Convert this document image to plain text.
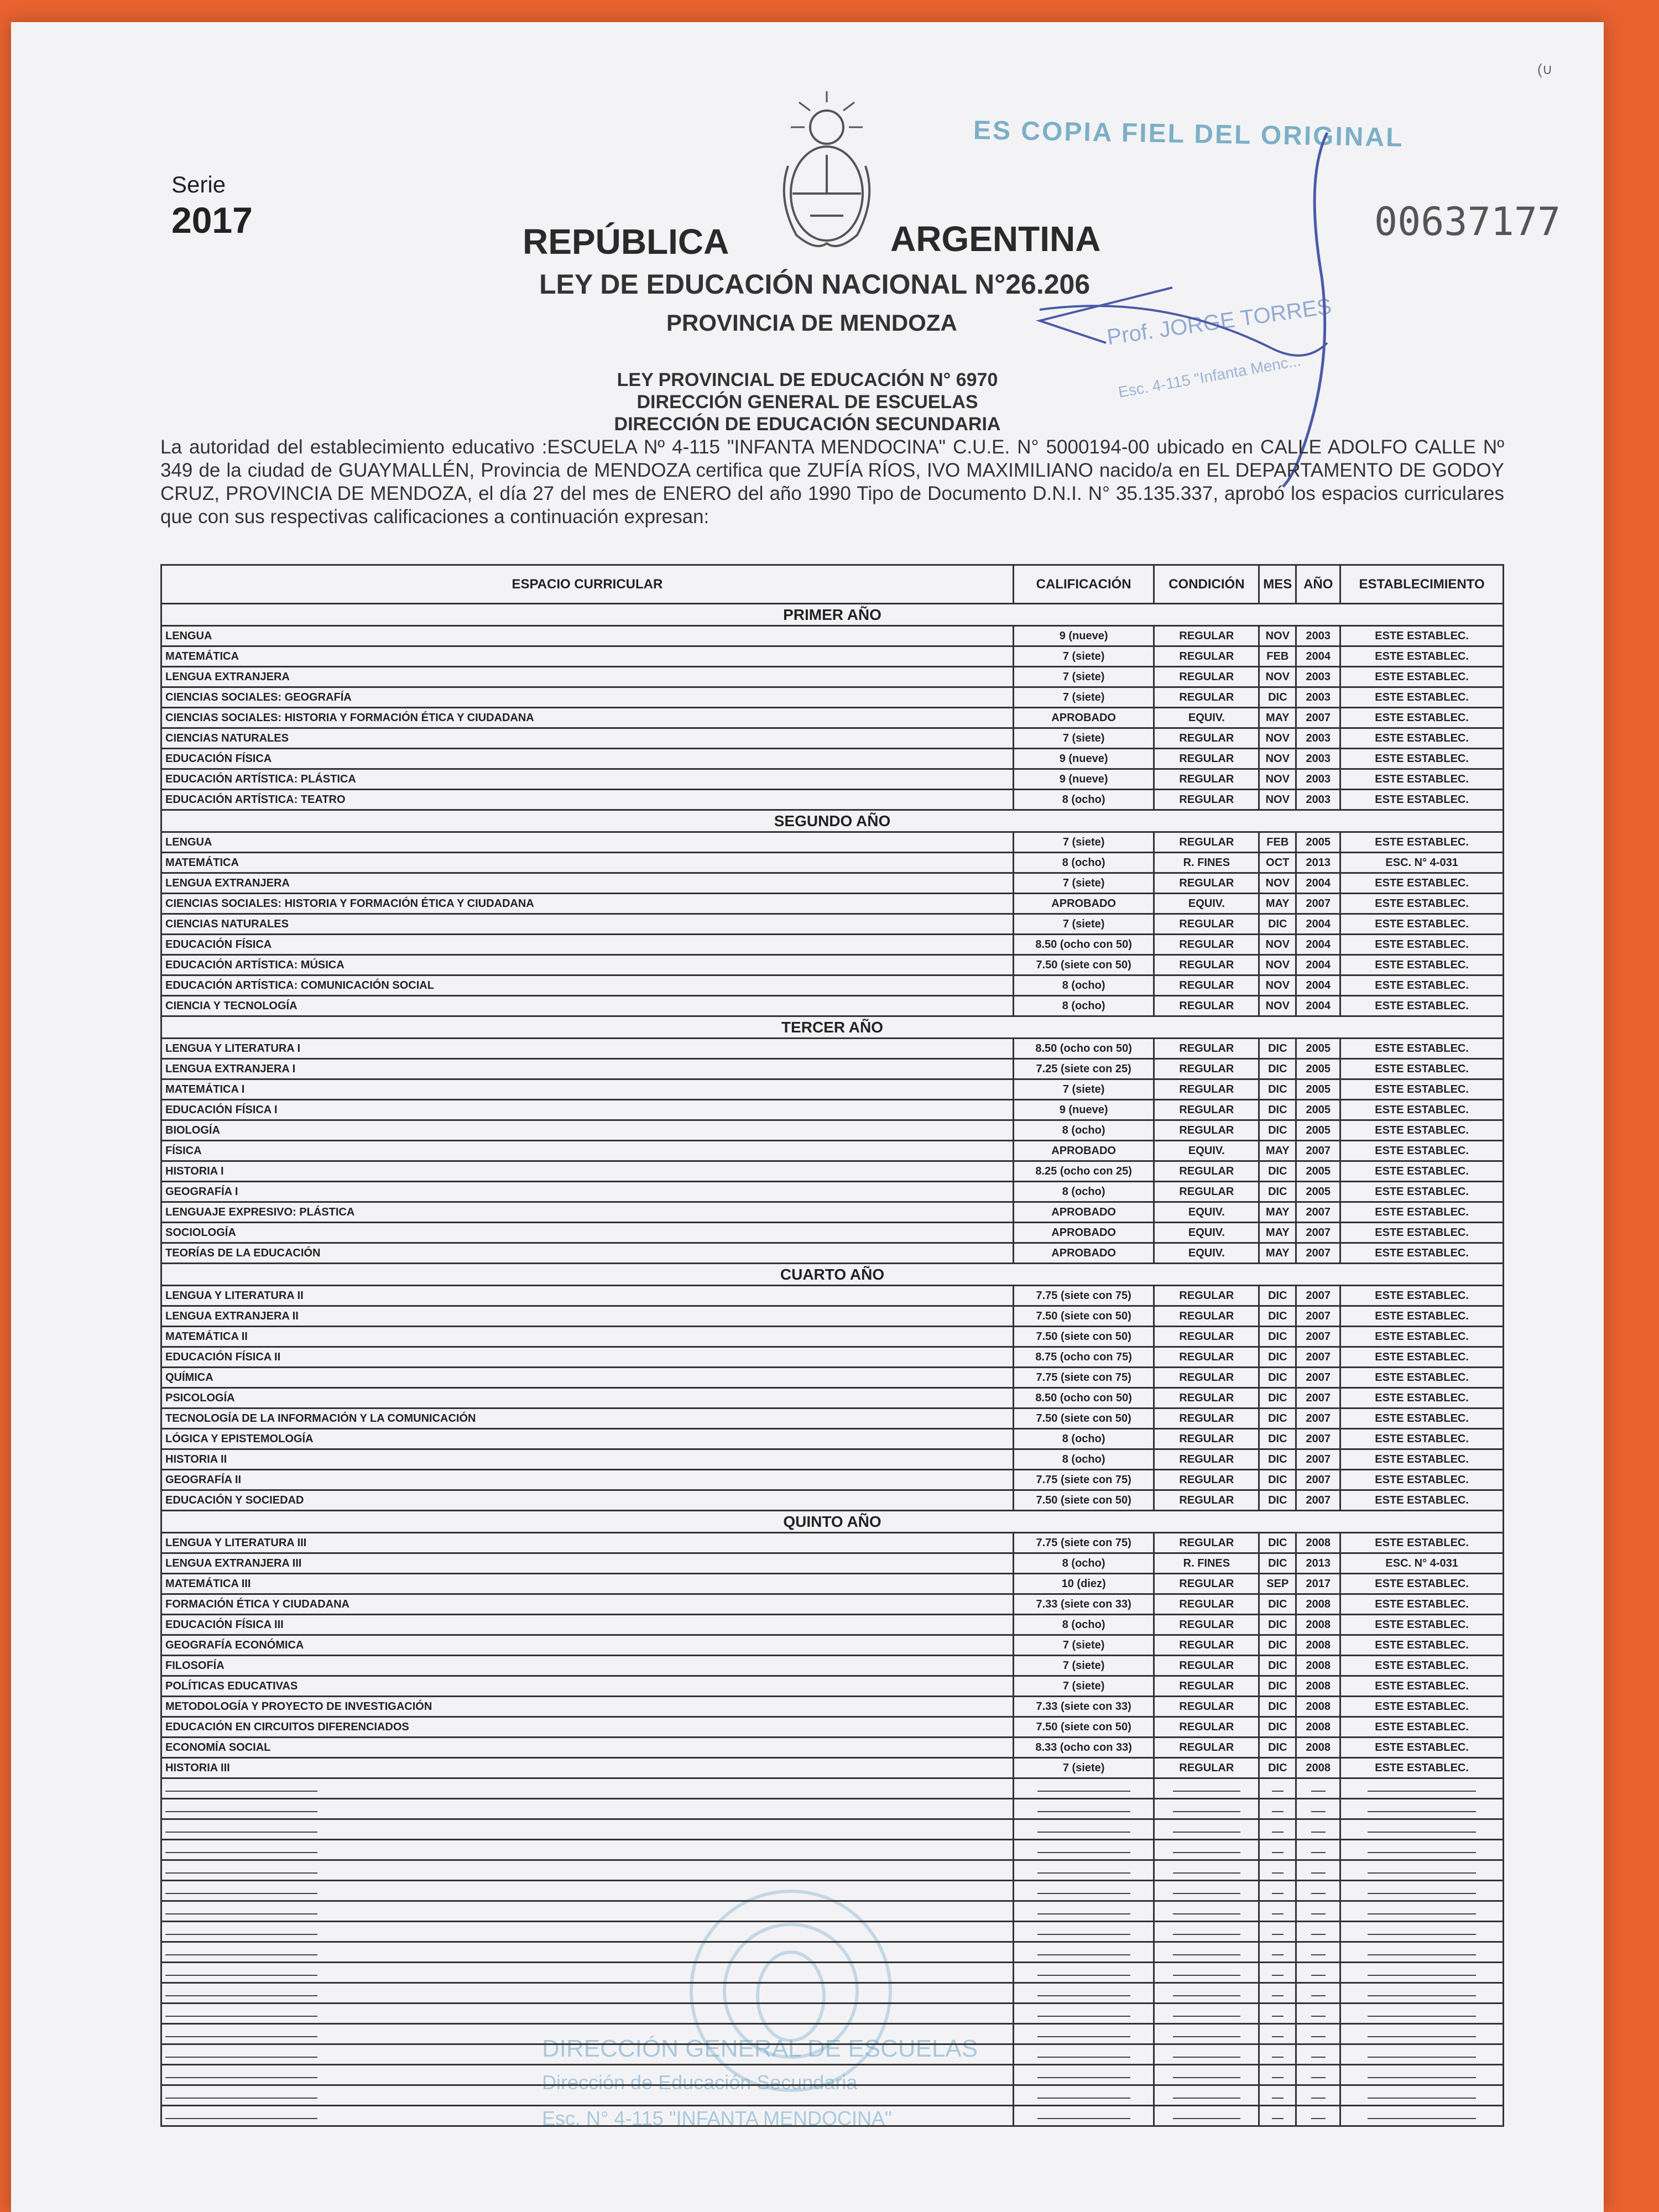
(∪
Serie
2017
REPÚBLICA	ARGENTINA
LEY DE EDUCACIÓN NACIONAL N°26.206
PROVINCIA DE MENDOZA
00637177
ES COPIA FIEL DEL ORIGINAL
Prof. JORGE TORRES
Esc. 4-115 "Infanta Menc...
LEY PROVINCIAL DE EDUCACIÓN N° 6970
DIRECCIÓN GENERAL DE ESCUELAS
DIRECCIÓN DE EDUCACIÓN SECUNDARIA
La autoridad del establecimiento educativo :ESCUELA Nº 4-115 "INFANTA MENDOCINA" C.U.E. N° 5000194-00 ubicado en CALLE ADOLFO CALLE Nº 349 de la ciudad de GUAYMALLÉN, Provincia de MENDOZA certifica que ZUFÍA RÍOS, IVO MAXIMILIANO nacido/a en EL DEPARTAMENTO DE GODOY CRUZ, PROVINCIA DE MENDOZA, el día 27 del mes de ENERO del año 1990 Tipo de Documento D.N.I. N° 35.135.337, aprobó los espacios curriculares que con sus respectivas calificaciones a continuación expresan:
DIRECCIÓN GENERAL DE ESCUELAS
Dirección de Educación Secundaria
Esc. N° 4-115 "INFANTA MENDOCINA"
ESPACIO CURRICULAR	CALIFICACIÓN	CONDICIÓN	MES	AÑO	ESTABLECIMIENTO
PRIMER AÑO					
LENGUA	9 (nueve)	REGULAR	NOV	2003	ESTE ESTABLEC.
MATEMÁTICA	7 (siete)	REGULAR	FEB	2004	ESTE ESTABLEC.
LENGUA EXTRANJERA	7 (siete)	REGULAR	NOV	2003	ESTE ESTABLEC.
CIENCIAS SOCIALES: GEOGRAFÍA	7 (siete)	REGULAR	DIC	2003	ESTE ESTABLEC.
CIENCIAS SOCIALES: HISTORIA Y FORMACIÓN ÉTICA Y CIUDADANA	APROBADO	EQUIV.	MAY	2007	ESTE ESTABLEC.
CIENCIAS NATURALES	7 (siete)	REGULAR	NOV	2003	ESTE ESTABLEC.
EDUCACIÓN FÍSICA	9 (nueve)	REGULAR	NOV	2003	ESTE ESTABLEC.
EDUCACIÓN ARTÍSTICA: PLÁSTICA	9 (nueve)	REGULAR	NOV	2003	ESTE ESTABLEC.
EDUCACIÓN ARTÍSTICA: TEATRO	8 (ocho)	REGULAR	NOV	2003	ESTE ESTABLEC.
SEGUNDO AÑO					
LENGUA	7 (siete)	REGULAR	FEB	2005	ESTE ESTABLEC.
MATEMÁTICA	8 (ocho)	R. FINES	OCT	2013	ESC. N° 4-031
LENGUA EXTRANJERA	7 (siete)	REGULAR	NOV	2004	ESTE ESTABLEC.
CIENCIAS SOCIALES: HISTORIA Y FORMACIÓN ÉTICA Y CIUDADANA	APROBADO	EQUIV.	MAY	2007	ESTE ESTABLEC.
CIENCIAS NATURALES	7 (siete)	REGULAR	DIC	2004	ESTE ESTABLEC.
EDUCACIÓN FÍSICA	8.50 (ocho con 50)	REGULAR	NOV	2004	ESTE ESTABLEC.
EDUCACIÓN ARTÍSTICA: MÚSICA	7.50 (siete con 50)	REGULAR	NOV	2004	ESTE ESTABLEC.
EDUCACIÓN ARTÍSTICA: COMUNICACIÓN SOCIAL	8 (ocho)	REGULAR	NOV	2004	ESTE ESTABLEC.
CIENCIA Y TECNOLOGÍA	8 (ocho)	REGULAR	NOV	2004	ESTE ESTABLEC.
TERCER AÑO					
LENGUA Y LITERATURA I	8.50 (ocho con 50)	REGULAR	DIC	2005	ESTE ESTABLEC.
LENGUA EXTRANJERA I	7.25 (siete con 25)	REGULAR	DIC	2005	ESTE ESTABLEC.
MATEMÁTICA I	7 (siete)	REGULAR	DIC	2005	ESTE ESTABLEC.
EDUCACIÓN FÍSICA I	9 (nueve)	REGULAR	DIC	2005	ESTE ESTABLEC.
BIOLOGÍA	8 (ocho)	REGULAR	DIC	2005	ESTE ESTABLEC.
FÍSICA	APROBADO	EQUIV.	MAY	2007	ESTE ESTABLEC.
HISTORIA I	8.25 (ocho con 25)	REGULAR	DIC	2005	ESTE ESTABLEC.
GEOGRAFÍA I	8 (ocho)	REGULAR	DIC	2005	ESTE ESTABLEC.
LENGUAJE EXPRESIVO: PLÁSTICA	APROBADO	EQUIV.	MAY	2007	ESTE ESTABLEC.
SOCIOLOGÍA	APROBADO	EQUIV.	MAY	2007	ESTE ESTABLEC.
TEORÍAS DE LA EDUCACIÓN	APROBADO	EQUIV.	MAY	2007	ESTE ESTABLEC.
CUARTO AÑO					
LENGUA Y LITERATURA II	7.75 (siete con 75)	REGULAR	DIC	2007	ESTE ESTABLEC.
LENGUA EXTRANJERA II	7.50 (siete con 50)	REGULAR	DIC	2007	ESTE ESTABLEC.
MATEMÁTICA II	7.50 (siete con 50)	REGULAR	DIC	2007	ESTE ESTABLEC.
EDUCACIÓN FÍSICA II	8.75 (ocho con 75)	REGULAR	DIC	2007	ESTE ESTABLEC.
QUÍMICA	7.75 (siete con 75)	REGULAR	DIC	2007	ESTE ESTABLEC.
PSICOLOGÍA	8.50 (ocho con 50)	REGULAR	DIC	2007	ESTE ESTABLEC.
TECNOLOGÍA DE LA INFORMACIÓN Y LA COMUNICACIÓN	7.50 (siete con 50)	REGULAR	DIC	2007	ESTE ESTABLEC.
LÓGICA Y EPISTEMOLOGÍA	8 (ocho)	REGULAR	DIC	2007	ESTE ESTABLEC.
HISTORIA II	8 (ocho)	REGULAR	DIC	2007	ESTE ESTABLEC.
GEOGRAFÍA II	7.75 (siete con 75)	REGULAR	DIC	2007	ESTE ESTABLEC.
EDUCACIÓN Y SOCIEDAD	7.50 (siete con 50)	REGULAR	DIC	2007	ESTE ESTABLEC.
QUINTO AÑO					
LENGUA Y LITERATURA III	7.75 (siete con 75)	REGULAR	DIC	2008	ESTE ESTABLEC.
LENGUA EXTRANJERA III	8 (ocho)	R. FINES	DIC	2013	ESC. N° 4-031
MATEMÁTICA III	10 (diez)	REGULAR	SEP	2017	ESTE ESTABLEC.
FORMACIÓN ÉTICA Y CIUDADANA	7.33 (siete con 33)	REGULAR	DIC	2008	ESTE ESTABLEC.
EDUCACIÓN FÍSICA III	8 (ocho)	REGULAR	DIC	2008	ESTE ESTABLEC.
GEOGRAFÍA ECONÓMICA	7 (siete)	REGULAR	DIC	2008	ESTE ESTABLEC.
FILOSOFÍA	7 (siete)	REGULAR	DIC	2008	ESTE ESTABLEC.
POLÍTICAS EDUCATIVAS	7 (siete)	REGULAR	DIC	2008	ESTE ESTABLEC.
METODOLOGÍA Y PROYECTO DE INVESTIGACIÓN	7.33 (siete con 33)	REGULAR	DIC	2008	ESTE ESTABLEC.
EDUCACIÓN EN CIRCUITOS DIFERENCIADOS	7.50 (siete con 50)	REGULAR	DIC	2008	ESTE ESTABLEC.
ECONOMÍA SOCIAL	8.33 (ocho con 33)	REGULAR	DIC	2008	ESTE ESTABLEC.
HISTORIA III	7 (siete)	REGULAR	DIC	2008	ESTE ESTABLEC.
